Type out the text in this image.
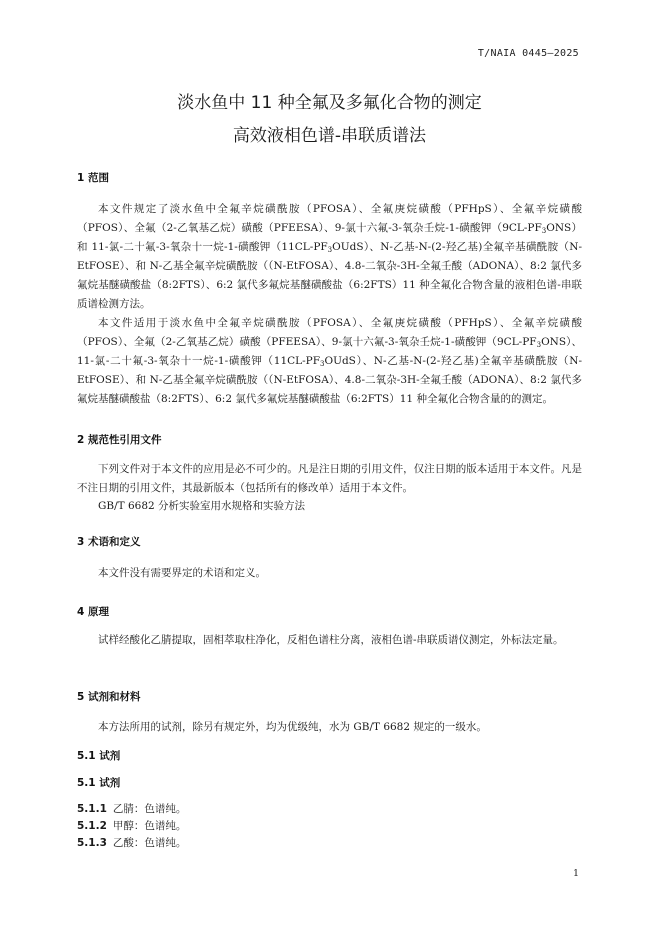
T/NAIA 0445—2025
淡水鱼中 11 种全氟及多氟化合物的测定
高效液相色谱-串联质谱法
1 范围
本文件规定了淡水鱼中全氟辛烷磺酰胺（PFOSA）、全氟庚烷磺酸（PFHpS）、全氟辛烷磺酸（PFOS）、全氟（2-乙氧基乙烷）磺酸（PFEESA）、9-氯十六氟-3-氧杂壬烷-1-磺酸钾$(9CL-PF_3ONS)$和 11-氯-二十氟-3-氧杂十一烷-1-磺酸钾$(11CL-PF_3OUdS)$、N-乙基-N-(2-羟乙基)全氟辛基磺酰胺（N-EtFOSE）、和 N-乙基全氟辛烷磺酰胺（（N-EtFOSA）、4.8-二氧杂-3H-全氟壬酸（ADONA）、8:2 氯代多氟烷基醚磺酸盐（8:2FTS）、6:2 氯代多氟烷基醚磺酸盐（6:2FTS）11 种全氟化合物含量的液相色谱-串联质谱检测方法。
本文件适用于淡水鱼中全氟辛烷磺酰胺（PFOSA）、全氟庚烷磺酸（PFHpS）、全氟辛烷磺酸（PFOS）、全氟（2-乙氧基乙烷）磺酸（PFEESA）、9-氯十六氟-3-氧杂壬烷-1-磺酸钾$(9CL-PF_3ONS)$、11-氯-二十氟-3-氧杂十一烷-1-磺酸钾$(11CL-PF_3OUdS)$、N-乙基-N-(2-羟乙基)全氟辛基磺酰胺（N-EtFOSE）、和 N-乙基全氟辛烷磺酰胺（（N-EtFOSA）、4.8-二氧杂-3H-全氟壬酸（ADONA）、8:2 氯代多氟烷基醚磺酸盐（8:2FTS）、6:2 氯代多氟烷基醚磺酸盐（6:2FTS）11 种全氟化合物含量的的测定。
2 规范性引用文件
下列文件对于本文件的应用是必不可少的。凡是注日期的引用文件，仅注日期的版本适用于本文件。凡是不注日期的引用文件，其最新版本（包括所有的修改单）适用于本文件。
GB/T 6682 分析实验室用水规格和实验方法
3 术语和定义
本文件没有需要界定的术语和定义。
4 原理
试样经酸化乙腈提取，固相萃取柱净化，反相色谱柱分离，液相色谱-串联质谱仪测定，外标法定量。
5 试剂和材料
本方法所用的试剂，除另有规定外，均为优级纯，水为 GB/T 6682 规定的一级水。
5.1 试剂
5.1 试剂
5.1.1 乙腈：色谱纯。
5.1.2 甲醇：色谱纯。
5.1.3 乙酸：色谱纯。
1
